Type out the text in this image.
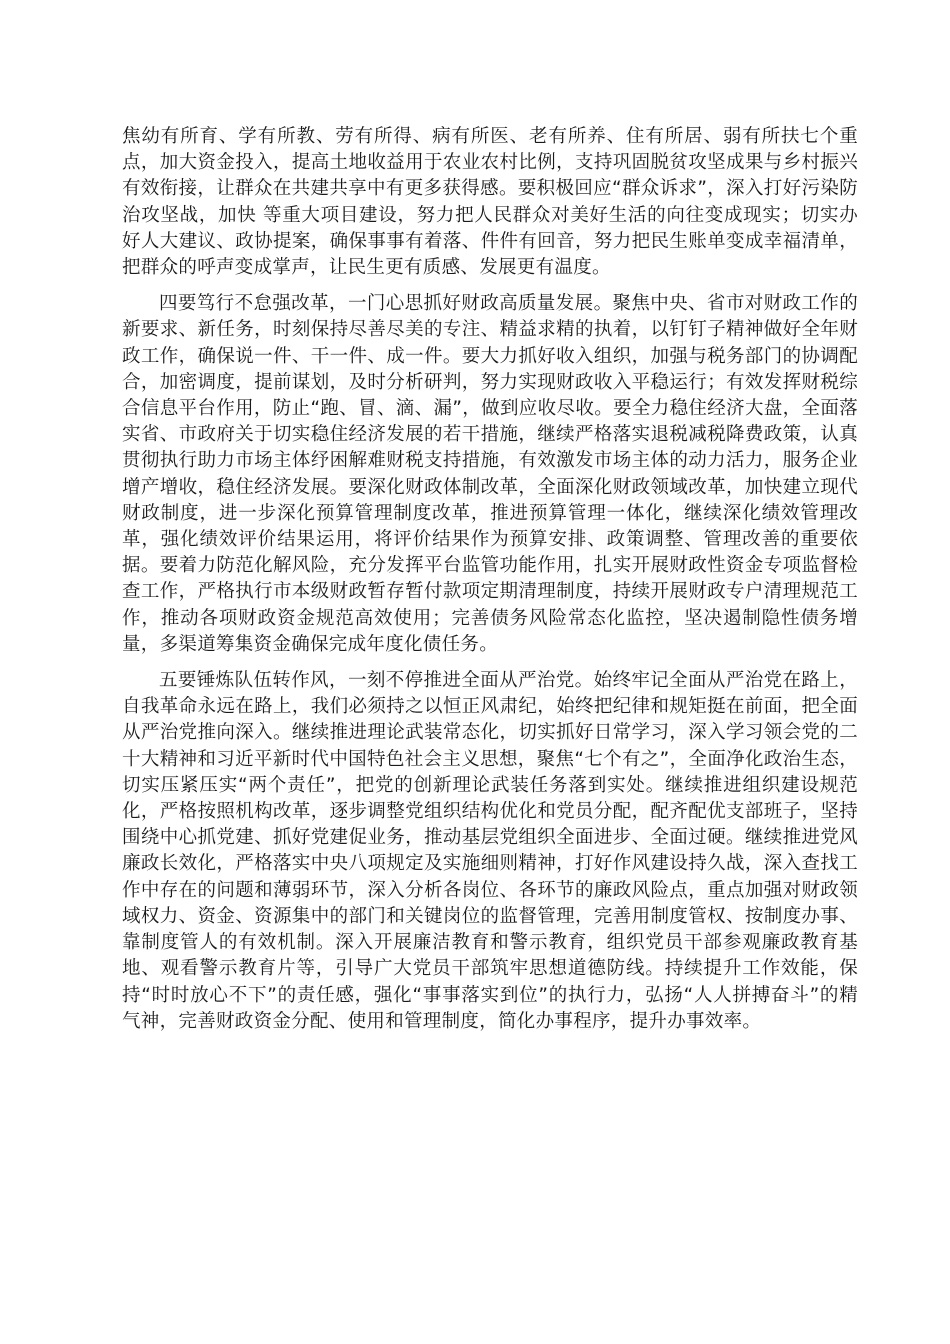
焦幼有所育、学有所教、劳有所得、病有所医、老有所养、住有所居、弱有所扶七个重点，加大资金投入，提高土地收益用于农业农村比例，支持巩固脱贫攻坚成果与乡村振兴有效衔接，让群众在共建共享中有更多获得感。要积极回应“群众诉求”，深入打好污染防治攻坚战，加快 等重大项目建设，努力把人民群众对美好生活的向往变成现实；切实办好人大建议、政协提案，确保事事有着落、件件有回音，努力把民生账单变成幸福清单，把群众的呼声变成掌声，让民生更有质感、发展更有温度。

四要笃行不怠强改革，一门心思抓好财政高质量发展。聚焦中央、省市对财政工作的新要求、新任务，时刻保持尽善尽美的专注、精益求精的执着，以钉钉子精神做好全年财政工作，确保说一件、干一件、成一件。要大力抓好收入组织，加强与税务部门的协调配合，加密调度，提前谋划，及时分析研判，努力实现财政收入平稳运行；有效发挥财税综合信息平台作用，防止“跑、冒、滴、漏”，做到应收尽收。要全力稳住经济大盘，全面落实省、市政府关于切实稳住经济发展的若干措施，继续严格落实退税减税降费政策，认真贯彻执行助力市场主体纾困解难财税支持措施，有效激发市场主体的动力活力，服务企业增产增收，稳住经济发展。要深化财政体制改革，全面深化财政领域改革，加快建立现代财政制度，进一步深化预算管理制度改革，推进预算管理一体化，继续深化绩效管理改革，强化绩效评价结果运用，将评价结果作为预算安排、政策调整、管理改善的重要依据。要着力防范化解风险，充分发挥平台监管功能作用，扎实开展财政性资金专项监督检查工作，严格执行市本级财政暂存暂付款项定期清理制度，持续开展财政专户清理规范工作，推动各项财政资金规范高效使用；完善债务风险常态化监控，坚决遏制隐性债务增量，多渠道筹集资金确保完成年度化债任务。

五要锤炼队伍转作风，一刻不停推进全面从严治党。始终牢记全面从严治党在路上，自我革命永远在路上，我们必须持之以恒正风肃纪，始终把纪律和规矩挺在前面，把全面从严治党推向深入。继续推进理论武装常态化，切实抓好日常学习，深入学习领会党的二十大精神和习近平新时代中国特色社会主义思想，聚焦“七个有之”，全面净化政治生态，切实压紧压实“两个责任”，把党的创新理论武装任务落到实处。继续推进组织建设规范化，严格按照机构改革，逐步调整党组织结构优化和党员分配，配齐配优支部班子，坚持围绕中心抓党建、抓好党建促业务，推动基层党组织全面进步、全面过硬。继续推进党风廉政长效化，严格落实中央八项规定及实施细则精神，打好作风建设持久战，深入查找工作中存在的问题和薄弱环节，深入分析各岗位、各环节的廉政风险点，重点加强对财政领域权力、资金、资源集中的部门和关键岗位的监督管理，完善用制度管权、按制度办事、靠制度管人的有效机制。深入开展廉洁教育和警示教育，组织党员干部参观廉政教育基地、观看警示教育片等，引导广大党员干部筑牢思想道德防线。持续提升工作效能，保持“时时放心不下”的责任感，强化“事事落实到位”的执行力，弘扬“人人拼搏奋斗”的精气神，完善财政资金分配、使用和管理制度，简化办事程序，提升办事效率。
